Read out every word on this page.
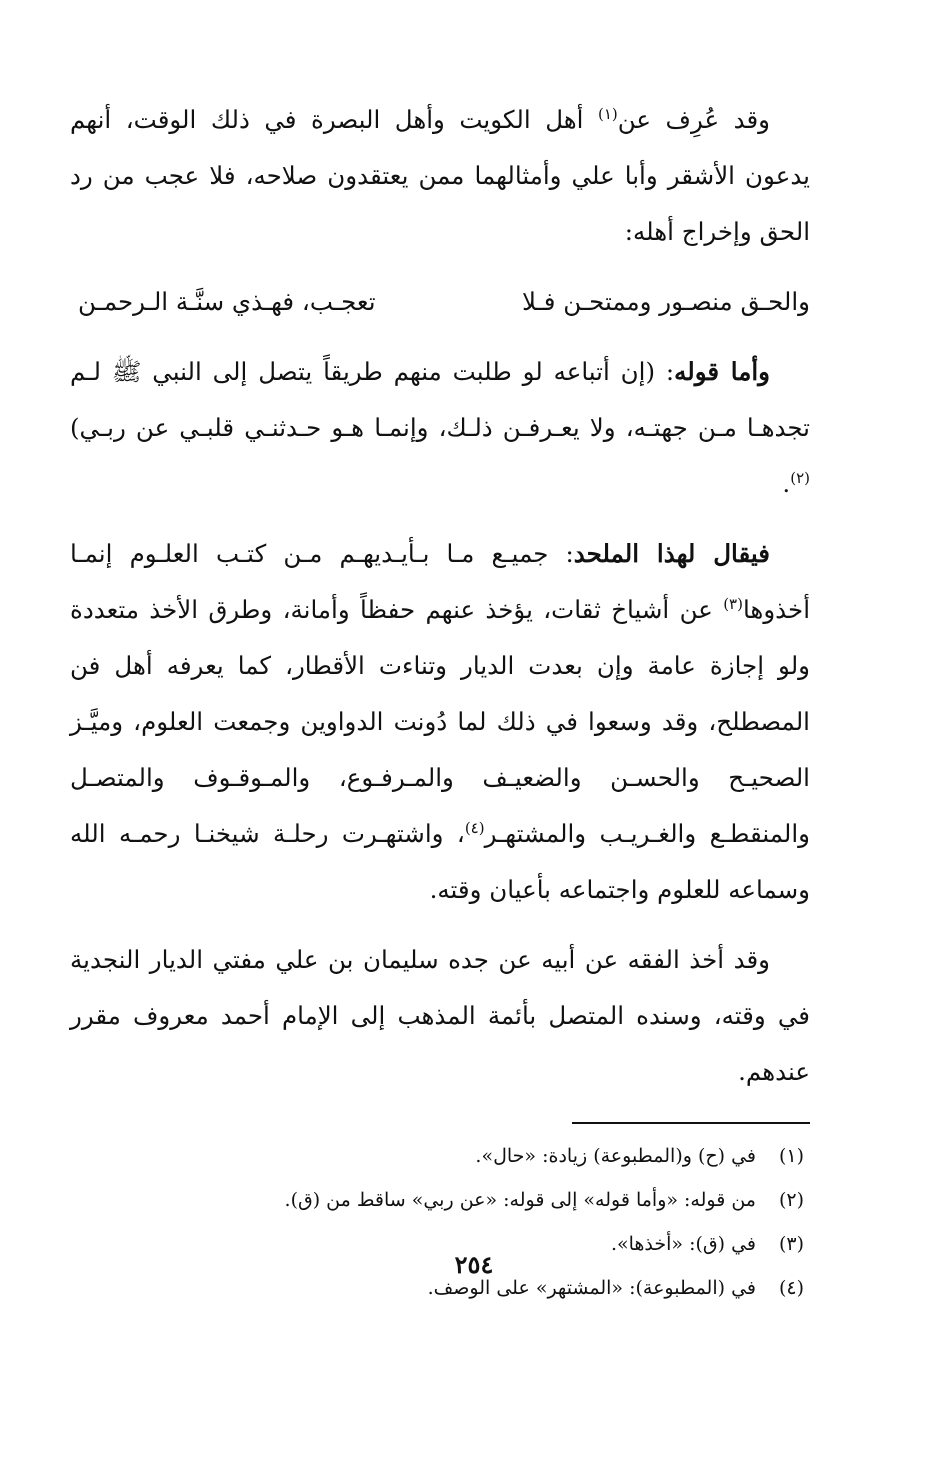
وقد عُرِف عن$^{(١)}$ أهل الكويت وأهل البصرة في ذلك الوقت، أنهم يدعون الأشقر وأبا علي وأمثالهما ممن يعتقدون صلاحه، فلا عجب من رد الحق وإخراج أهله:

والحـق منصـور وممتحـن فـلا
تعجـب، فهـذي سنَّـة الـرحمـن

وأما قوله: (إن أتباعه لو طلبت منهم طريقاً يتصل إلى النبي ﷺ لـم تجدهـا مـن جهتـه، ولا يعـرفـن ذلـك، وإنمـا هـو حـدثنـي قلبـي عن ربـي)$^{(٢)}$.

فيقال لهذا الملحد: جميـع مـا بـأيـديهـم مـن كتـب العلـوم إنمـا أخذوها$^{(٣)}$ عن أشياخ ثقات، يؤخذ عنهم حفظاً وأمانة، وطرق الأخذ متعددة ولو إجازة عامة وإن بعدت الديار وتناءت الأقطار، كما يعرفه أهل فن المصطلح، وقد وسعوا في ذلك لما دُونت الدواوين وجمعت العلوم، وميَّـز الصحيـح والحسـن والضعيـف والمـرفـوع، والمـوقـوف والمتصـل والمنقطـع والغـريـب والمشتهـر$^{(٤)}$، واشتهـرت رحلـة شيخنـا رحمـه الله وسماعه للعلوم واجتماعه بأعيان وقته.

وقد أخذ الفقه عن أبيه عن جده سليمان بن علي مفتي الديار النجدية في وقته، وسنده المتصل بأئمة المذهب إلى الإمام أحمد معروف مقرر عندهم.

(١)
في (ح) و(المطبوعة) زيادة: «حال».
(٢)
من قوله: «وأما قوله» إلى قوله: «عن ربي» ساقط من (ق).
(٣)
في (ق): «أخذها».
(٤)
في (المطبوعة): «المشتهر» على الوصف.
٢٥٤
